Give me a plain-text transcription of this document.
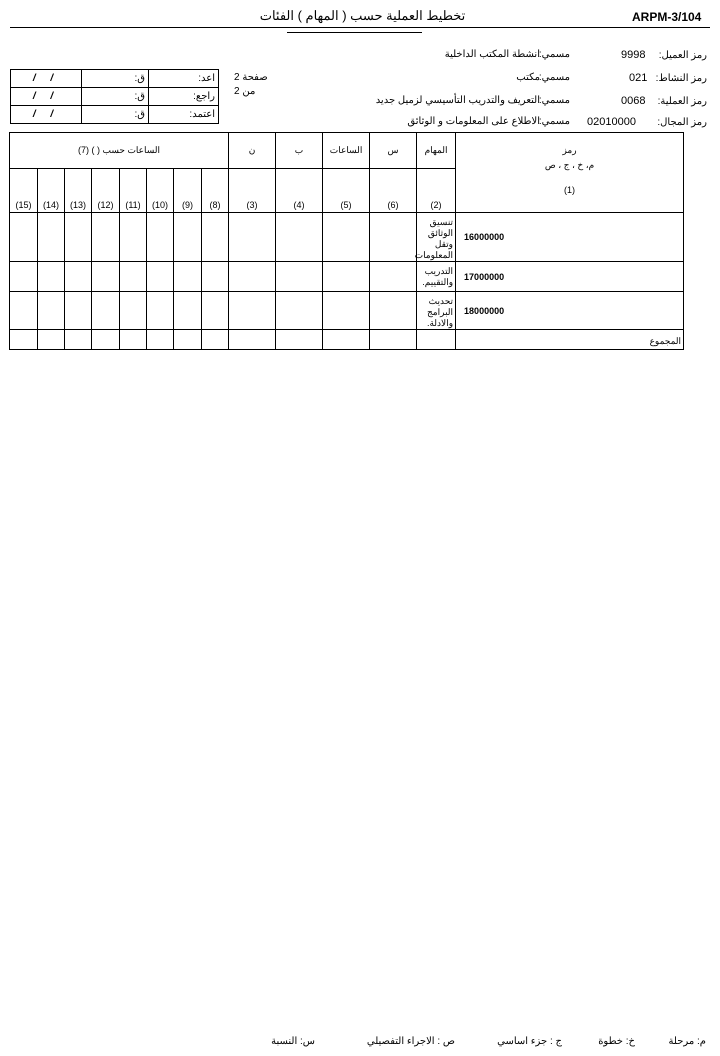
ARPM-3/104
تخطيط العملية حسب ( المهام ) الفئات
رمز العميل:
9998
مسمي:
انشطة المكتب الداخلية
رمز النشاط:
021
مسمي:
مكتب
رمز العملية:
0068
مسمي:
التعريف والتدريب التأسيسي لزميل جديد
رمز المجال:
02010000
مسمي:
الاطلاع على المعلومات و الوثائق
صفحة 2
من 2
/ /	ق:	اعد:
/ /	ق:	راجع:
/ /	ق:	اعتمد:
الساعات حسب ( ) (7)								ن	ب	الساعات	س	المهام	رمز
م، خ ، ج ، ص
(1)

(15)	(14)	(13)	(12)	(11)	(10)	(9)	(8)	(3)	(4)	(5)	(6)	(2)	
												تنسيق الوثائق وتقل المعلومات	16000000
												التدريب والتقييم.	17000000
												تحديث البرامج والادلة.	18000000
													المجموع
م: مرحلة
خ: خطوة
ج : جزء اساسي
ص : الاجراء التفصيلي
س: النسبة
